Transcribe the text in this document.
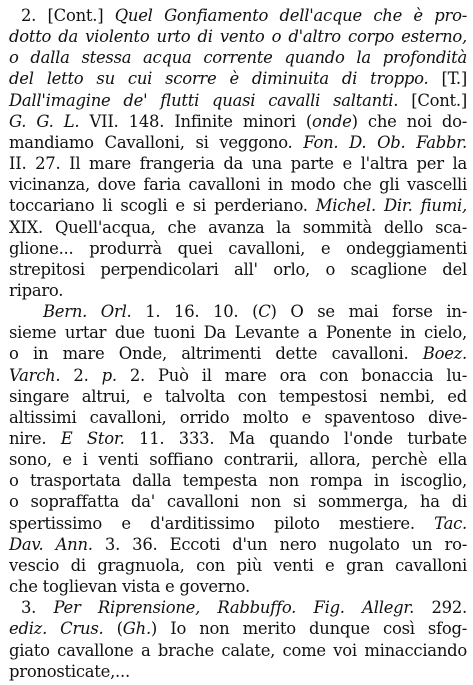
2. [Cont.] Quel Gonfiamento dell'acque che è pro-
dotto da violento urto di vento o d'altro corpo esterno,
o dalla stessa acqua corrente quando la profondità
del letto su cui scorre è diminuita di troppo. [T.]
Dall'imagine de' flutti quasi cavalli saltanti. [Cont.]
G. G. L. VII. 148. Infinite minori (onde) che noi do-
mandiamo Cavalloni, si veggono. Fon. D. Ob. Fabbr.
II. 27. Il mare frangeria da una parte e l'altra per la
vicinanza, dove faria cavalloni in modo che gli vascelli
toccariano li scogli e si perderiano. Michel. Dir. fiumi,
XIX. Quell'acqua, che avanza la sommità dello sca-
glione... produrrà quei cavalloni, e ondeggiamenti
strepitosi perpendicolari all' orlo, o scaglione del
riparo.
Bern. Orl. 1. 16. 10. (C) O se mai forse in-
sieme urtar due tuoni Da Levante a Ponente in cielo,
o in mare Onde, altrimenti dette cavalloni. Boez.
Varch. 2. p. 2. Può il mare ora con bonaccia lu-
singare altrui, e talvolta con tempestosi nembi, ed
altissimi cavalloni, orrido molto e spaventoso dive-
nire. E Stor. 11. 333. Ma quando l'onde turbate
sono, e i venti soffiano contrarii, allora, perchè ella
o trasportata dalla tempesta non rompa in iscoglio,
o sopraffatta da' cavalloni non si sommerga, ha di
spertissimo e d'arditissimo piloto mestiere. Tac.
Dav. Ann. 3. 36. Eccoti d'un nero nugolato un ro-
vescio di gragnuola, con più venti e gran cavalloni
che toglievan vista e governo.
3. Per Riprensione, Rabbuffo. Fig. Allegr. 292.
ediz. Crus. (Gh.) Io non merito dunque così sfog-
giato cavallone a brache calate, come voi minacciando
pronosticate,...
